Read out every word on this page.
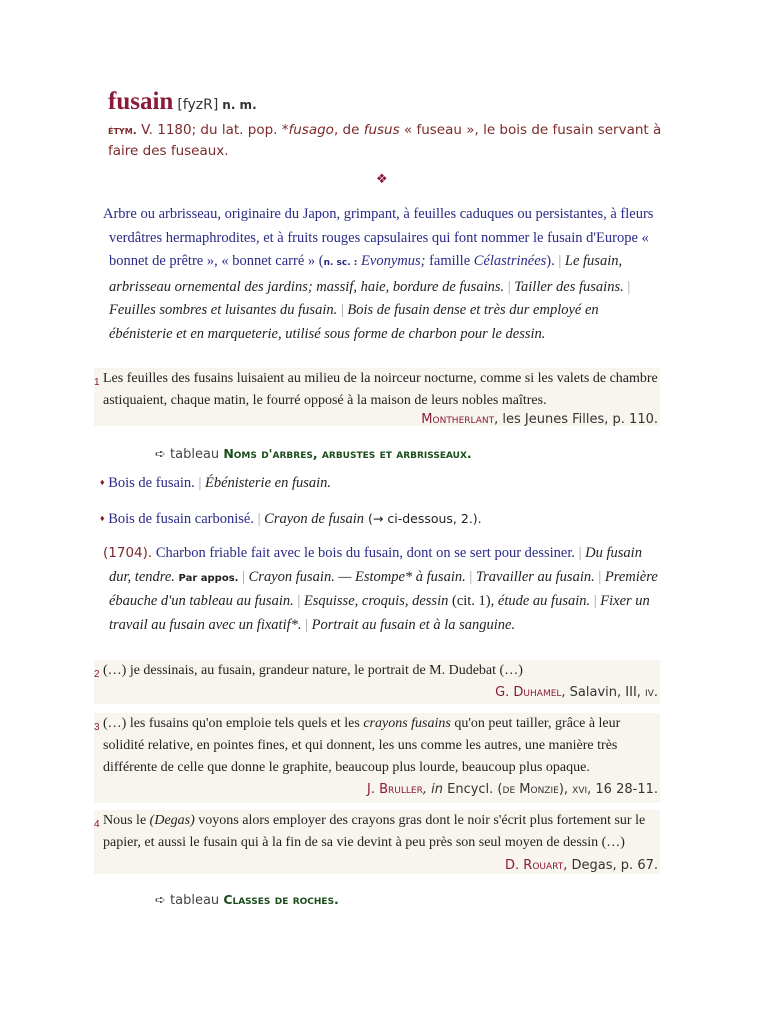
fusain [fyzR] n. m.
étym. V. 1180; du lat. pop. *fusago, de fusus « fuseau », le bois de fusain servant à faire des fuseaux.
❖
Arbre ou arbrisseau, originaire du Japon, grimpant, à feuilles caduques ou persistantes, à fleurs verdâtres hermaphrodites, et à fruits rouges capsulaires qui font nommer le fusain d'Europe « bonnet de prêtre », « bonnet carré » (n. sc. : Evonymus; famille Célastrinées). | Le fusain, arbrisseau ornemental des jardins; massif, haie, bordure de fusains. | Tailler des fusains. | Feuilles sombres et luisantes du fusain. | Bois de fusain dense et très dur employé en ébénisterie et en marqueterie, utilisé sous forme de charbon pour le dessin.
1 Les feuilles des fusains luisaient au milieu de la noirceur nocturne, comme si les valets de chambre astiquaient, chaque matin, le fourré opposé à la maison de leurs nobles maîtres.
Montherlant, les Jeunes Filles, p. 110.
➪ tableau Noms d'arbres, arbustes et arbrisseaux.
♦ Bois de fusain. | Ébénisterie en fusain.
♦ Bois de fusain carbonisé. | Crayon de fusain (→ ci-dessous, 2.).
(1704). Charbon friable fait avec le bois du fusain, dont on se sert pour dessiner. | Du fusain dur, tendre. Par appos. | Crayon fusain. — Estompe* à fusain. | Travailler au fusain. | Première ébauche d'un tableau au fusain. | Esquisse, croquis, dessin (cit. 1), étude au fusain. | Fixer un travail au fusain avec un fixatif*. | Portrait au fusain et à la sanguine.
2 (…) je dessinais, au fusain, grandeur nature, le portrait de M. Dudebat (…)
G. Duhamel, Salavin, III, iv.
3 (…) les fusains qu'on emploie tels quels et les crayons fusains qu'on peut tailler, grâce à leur solidité relative, en pointes fines, et qui donnent, les uns comme les autres, une manière très différente de celle que donne le graphite, beaucoup plus lourde, beaucoup plus opaque.
J. Bruller, in Encycl. (de Monzie), xvi, 16 28-11.
4 Nous le (Degas) voyons alors employer des crayons gras dont le noir s'écrit plus fortement sur le papier, et aussi le fusain qui à la fin de sa vie devint à peu près son seul moyen de dessin (…)
D. Rouart, Degas, p. 67.
➪ tableau Classes de roches.
